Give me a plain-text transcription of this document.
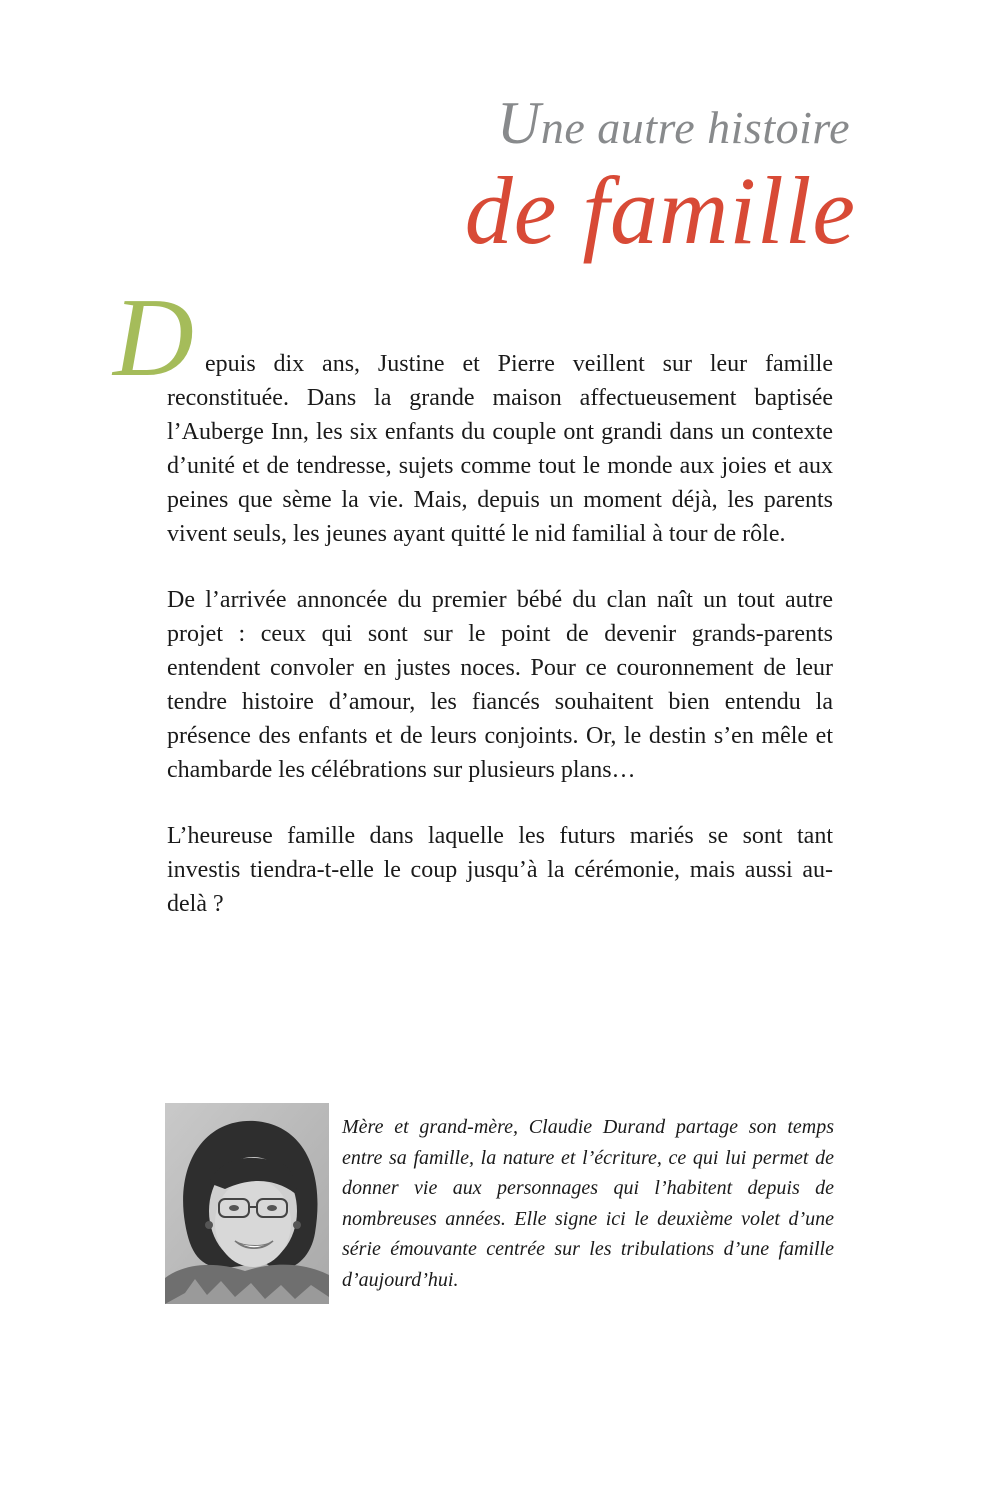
Une autre histoire
de famille
D epuis dix ans, Justine et Pierre veillent sur leur famille reconstituée. Dans la grande maison affectueusement baptisée l’Auberge Inn, les six enfants du couple ont grandi dans un contexte d’unité et de tendresse, sujets comme tout le monde aux joies et aux peines que sème la vie. Mais, depuis un moment déjà, les parents vivent seuls, les jeunes ayant quitté le nid familial à tour de rôle.

De l’arrivée annoncée du premier bébé du clan naît un tout autre projet : ceux qui sont sur le point de devenir grands-parents entendent convoler en justes noces. Pour ce couronnement de leur tendre histoire d’amour, les fiancés souhaitent bien entendu la présence des enfants et de leurs conjoints. Or, le destin s’en mêle et chambarde les célébrations sur plusieurs plans…

L’heureuse famille dans laquelle les futurs mariés se sont tant investis tiendra-t-elle le coup jusqu’à la cérémonie, mais aussi au-delà ?

Mère et grand-mère, Claudie Durand partage son temps entre sa famille, la nature et l’écriture, ce qui lui permet de donner vie aux personnages qui l’habitent depuis de nombreuses années. Elle signe ici le deuxième volet d’une série émouvante centrée sur les tribulations d’une famille d’aujourd’hui.
